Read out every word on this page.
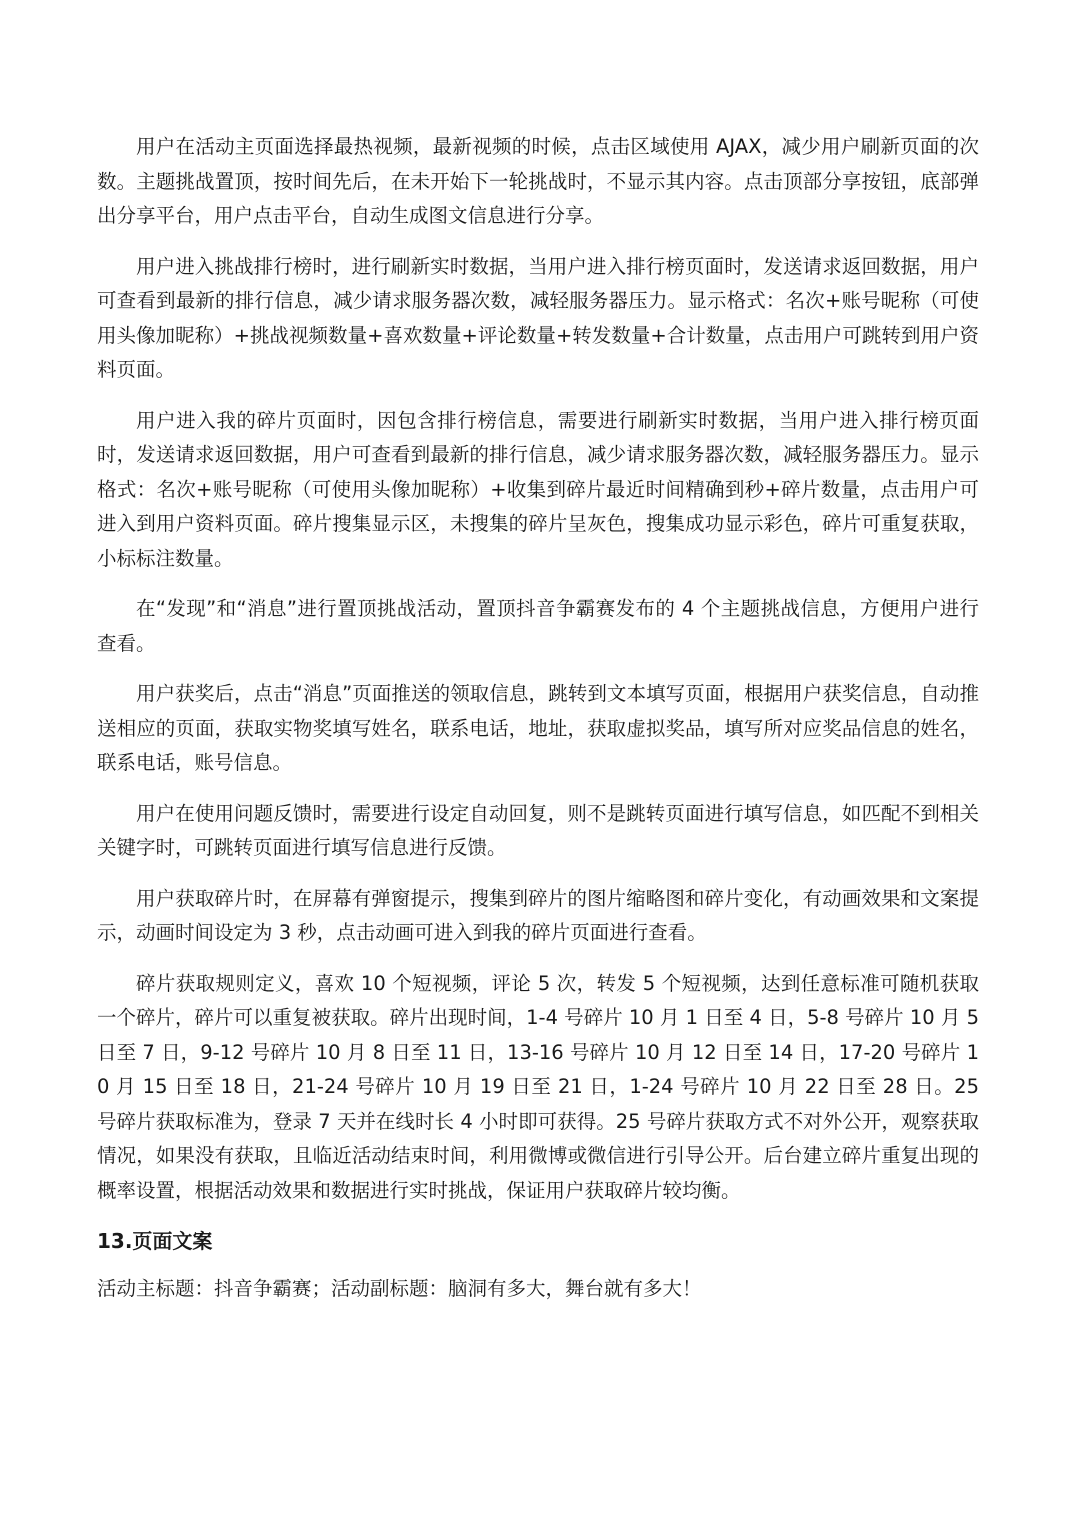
用户在活动主页面选择最热视频，最新视频的时候，点击区域使用 AJAX，减少用户刷新页面的次数。主题挑战置顶，按时间先后，在未开始下一轮挑战时，不显示其内容。点击顶部分享按钮，底部弹出分享平台，用户点击平台，自动生成图文信息进行分享。

用户进入挑战排行榜时，进行刷新实时数据，当用户进入排行榜页面时，发送请求返回数据，用户可查看到最新的排行信息，减少请求服务器次数，减轻服务器压力。显示格式：名次+账号昵称（可使用头像加昵称）+挑战视频数量+喜欢数量+评论数量+转发数量+合计数量，点击用户可跳转到用户资料页面。

用户进入我的碎片页面时，因包含排行榜信息，需要进行刷新实时数据，当用户进入排行榜页面时，发送请求返回数据，用户可查看到最新的排行信息，减少请求服务器次数，减轻服务器压力。显示格式：名次+账号昵称（可使用头像加昵称）+收集到碎片最近时间精确到秒+碎片数量，点击用户可进入到用户资料页面。碎片搜集显示区，未搜集的碎片呈灰色，搜集成功显示彩色，碎片可重复获取，小标标注数量。

在“发现”和“消息”进行置顶挑战活动，置顶抖音争霸赛发布的 4 个主题挑战信息，方便用户进行查看。

用户获奖后，点击“消息”页面推送的领取信息，跳转到文本填写页面，根据用户获奖信息，自动推送相应的页面，获取实物奖填写姓名，联系电话，地址，获取虚拟奖品，填写所对应奖品信息的姓名，联系电话，账号信息。

用户在使用问题反馈时，需要进行设定自动回复，则不是跳转页面进行填写信息，如匹配不到相关关键字时，可跳转页面进行填写信息进行反馈。

用户获取碎片时，在屏幕有弹窗提示，搜集到碎片的图片缩略图和碎片变化，有动画效果和文案提示，动画时间设定为 3 秒，点击动画可进入到我的碎片页面进行查看。

碎片获取规则定义，喜欢 10 个短视频，评论 5 次，转发 5 个短视频，达到任意标准可随机获取一个碎片，碎片可以重复被获取。碎片出现时间，1-4 号碎片 10 月 1 日至 4 日，5-8 号碎片 10 月 5 日至 7 日，9-12 号碎片 10 月 8 日至 11 日，13-16 号碎片 10 月 12 日至 14 日，17-20 号碎片 10 月 15 日至 18 日，21-24 号碎片 10 月 19 日至 21 日，1-24 号碎片 10 月 22 日至 28 日。25 号碎片获取标准为，登录 7 天并在线时长 4 小时即可获得。25 号碎片获取方式不对外公开，观察获取情况，如果没有获取，且临近活动结束时间，利用微博或微信进行引导公开。后台建立碎片重复出现的概率设置，根据活动效果和数据进行实时挑战，保证用户获取碎片较均衡。

13.页面文案

活动主标题：抖音争霸赛；活动副标题：脑洞有多大，舞台就有多大！
